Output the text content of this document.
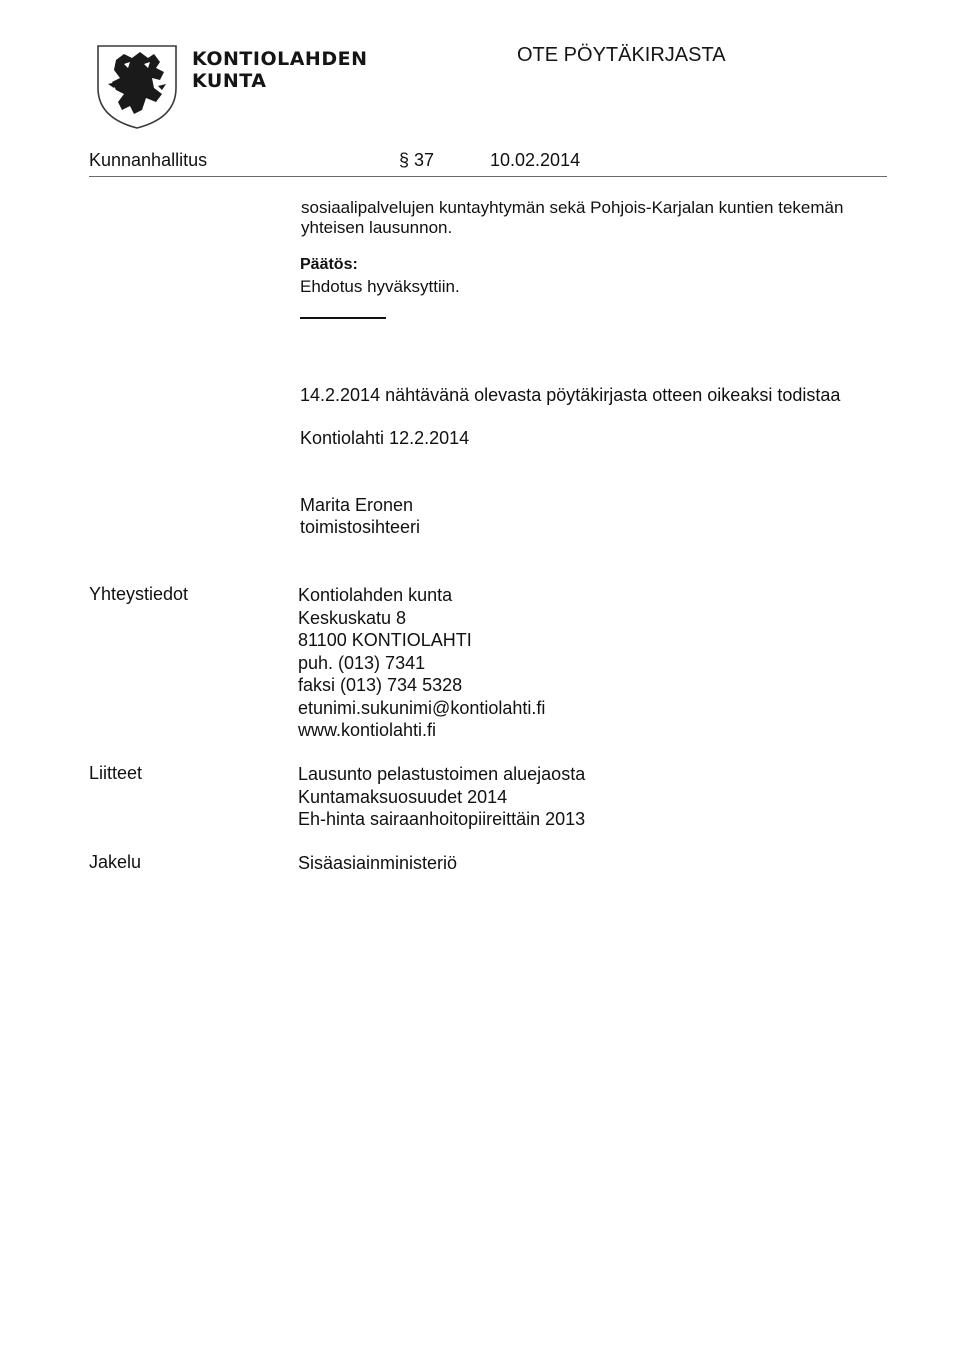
KONTIOLAHDEN
KUNTA
OTE PÖYTÄKIRJASTA
Kunnanhallitus	§ 37	10.02.2014
sosiaalipalvelujen kuntayhtymän sekä Pohjois-Karjalan kuntien tekemän
yhteisen lausunnon.
Päätös:
Ehdotus hyväksyttiin.
14.2.2014 nähtävänä olevasta pöytäkirjasta otteen oikeaksi todistaa
Kontiolahti 12.2.2014
Marita Eronen
toimistosihteeri
Yhteystiedot	Kontiolahden kunta
Keskuskatu 8
81100 KONTIOLAHTI
puh. (013) 7341
faksi (013) 734 5328
etunimi.sukunimi@kontiolahti.fi
www.kontiolahti.fi
Liitteet	Lausunto pelastustoimen aluejaosta
Kuntamaksuosuudet 2014
Eh-hinta sairaanhoitopiireittäin 2013
Jakelu	Sisäasiainministeriö
